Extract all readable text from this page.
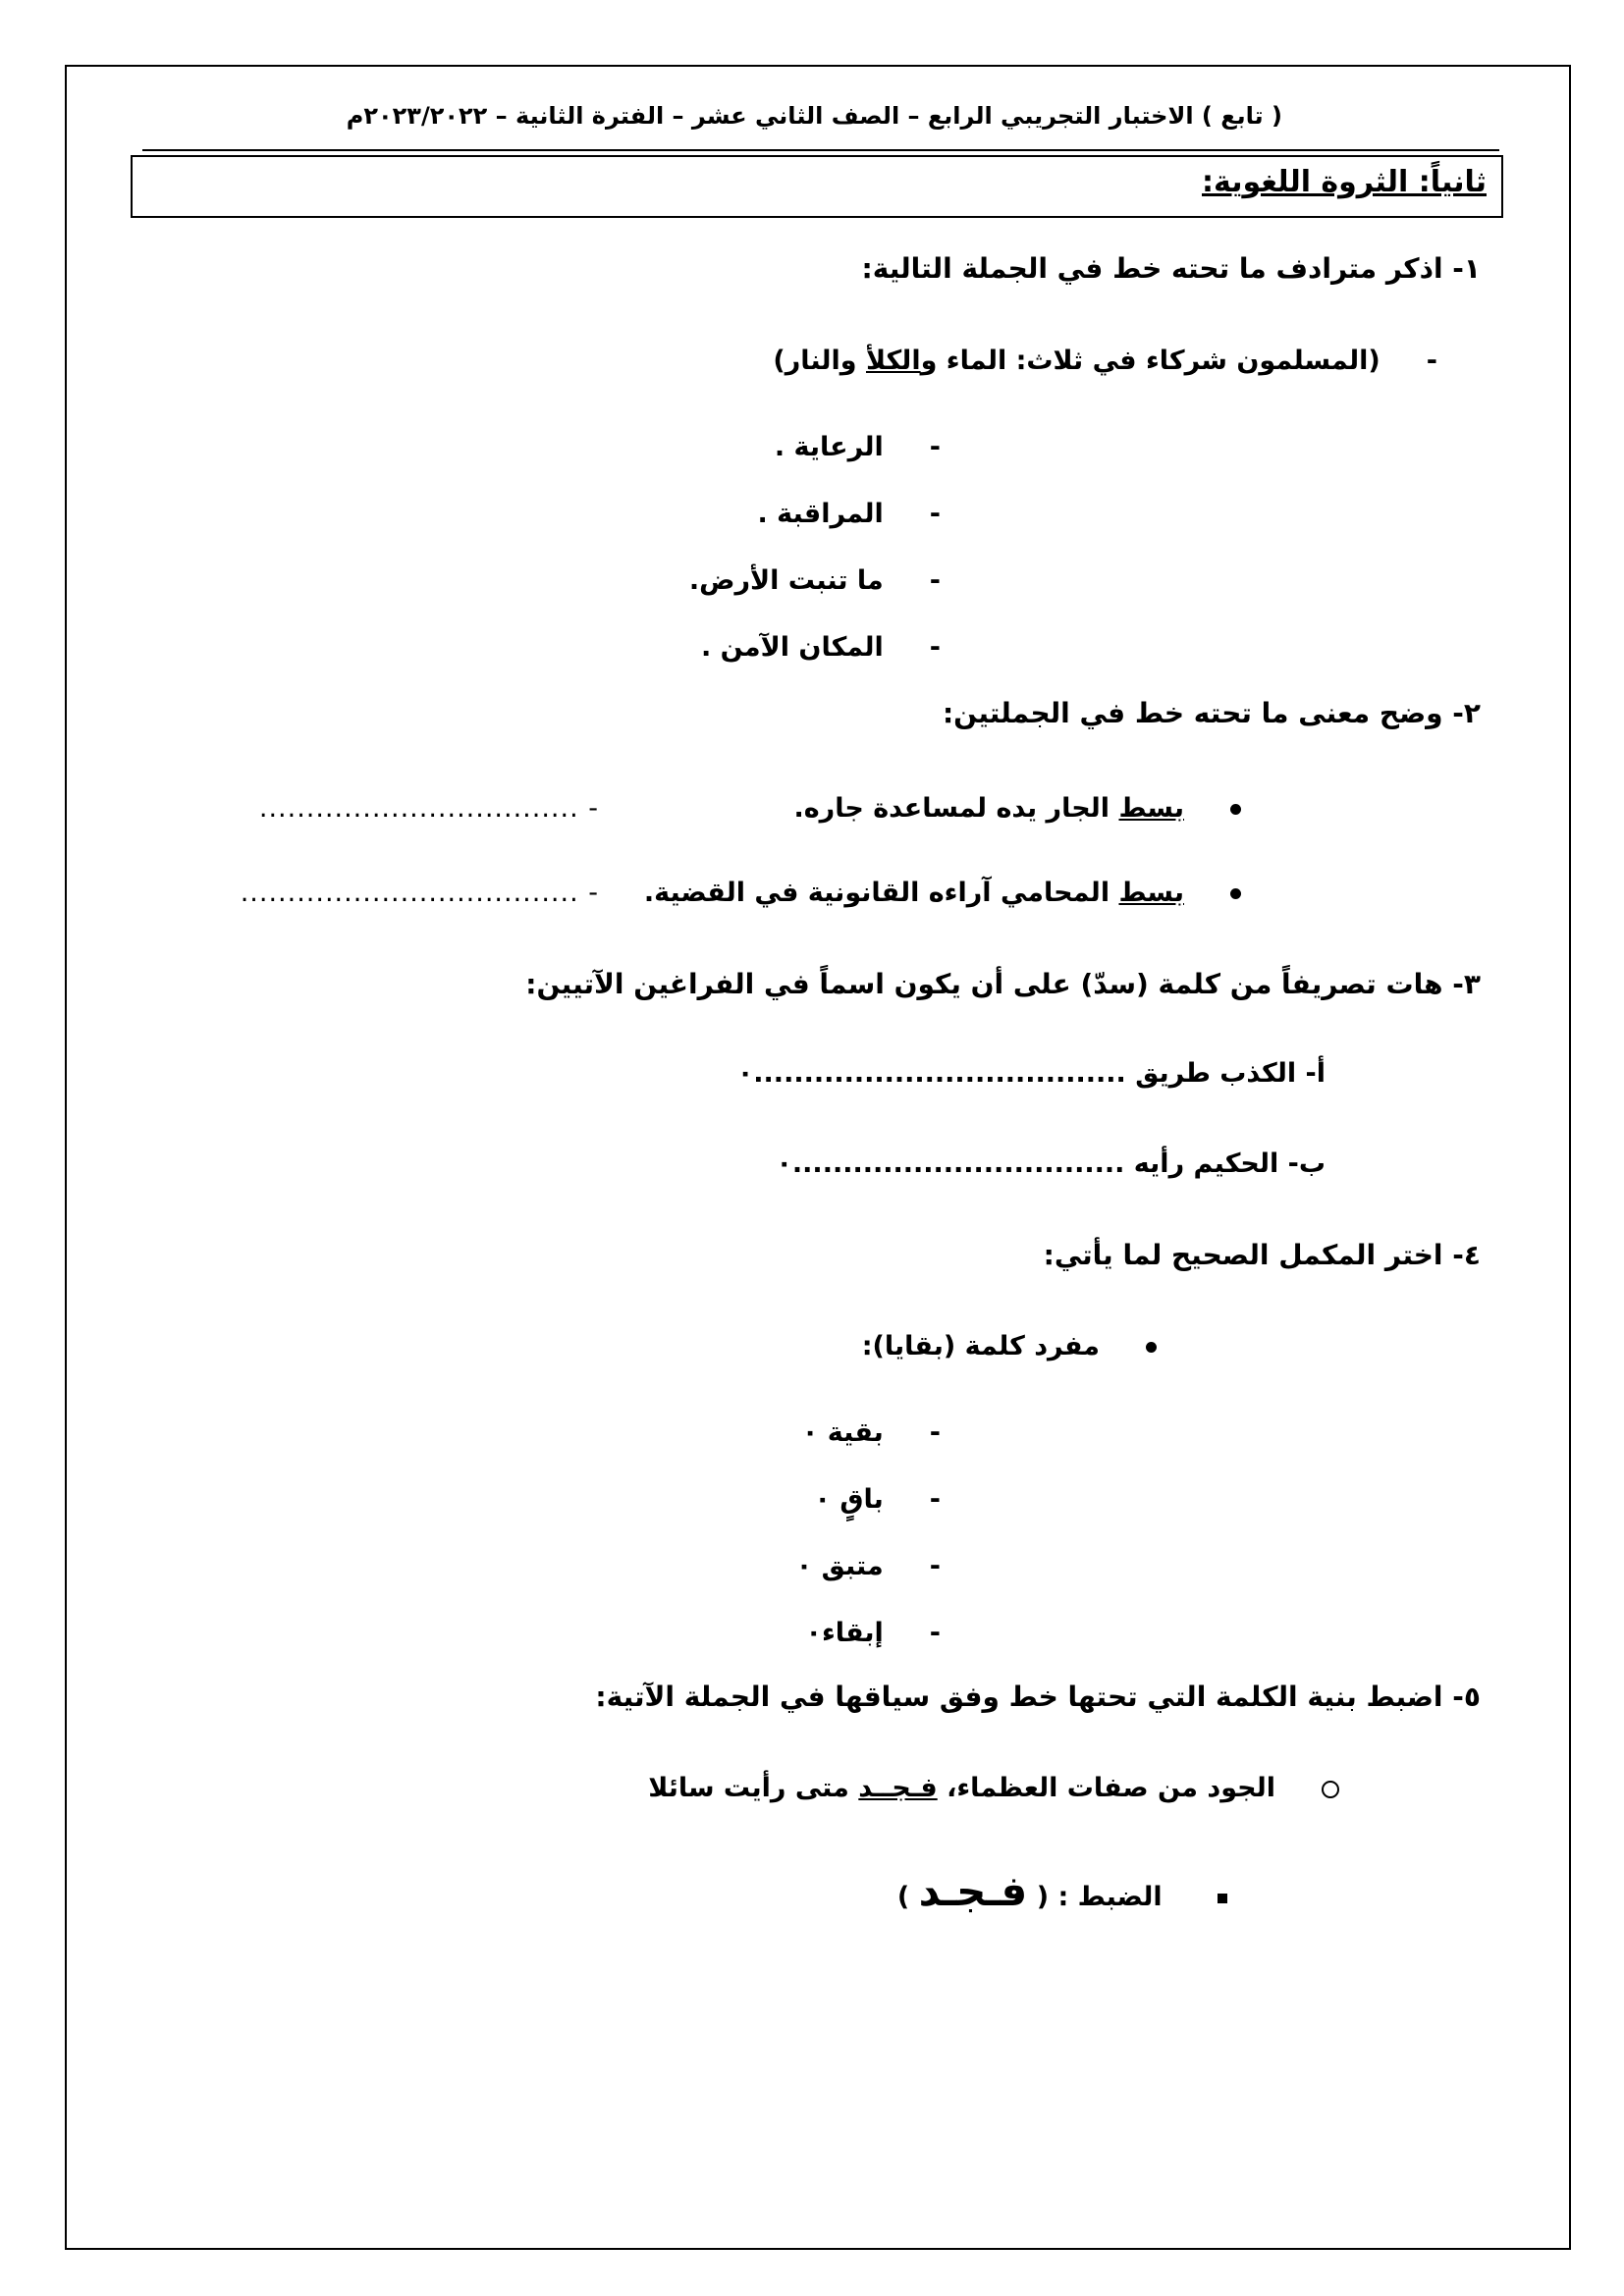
( تابع ) الاختبار التجريبي الرابع – الصف الثاني عشر – الفترة الثانية – ٢٠٢٣/٢٠٢٢م
ثانياً: الثروة اللغوية:
١- اذكر مترادف ما تحته خط في الجملة التالية:
-     (المسلمون شركاء في ثلاث: الماء والكلأ والنار)
-     الرعاية .
-     المراقبة .
-     ما تنبت الأرض.
-     المكان الآمن .
٢- وضح معنى ما تحته خط في الجملتين:
بسط الجار يده لمساعدة جاره.
- ..................................
بسط المحامي آراءه القانونية في القضية.
- ....................................
٣- هات تصريفاً من كلمة (سدّ) على أن يكون اسماً في الفراغين الآتيين:
أ- الكذب طريق .....................................٠
ب- الحكيم رأيه .................................٠
٤- اختر المكمل الصحيح لما يأتي:
مفرد كلمة (بقايا):
-     بقية ٠
-     باقٍ ٠
-     متبق ٠
-     إبقاء٠
٥- اضبط بنية الكلمة التي تحتها خط وفق سياقها في الجملة الآتية:
الجود من صفات العظماء، فـجــد متى رأيت سائلا
الضبط : ( فـجـد )
